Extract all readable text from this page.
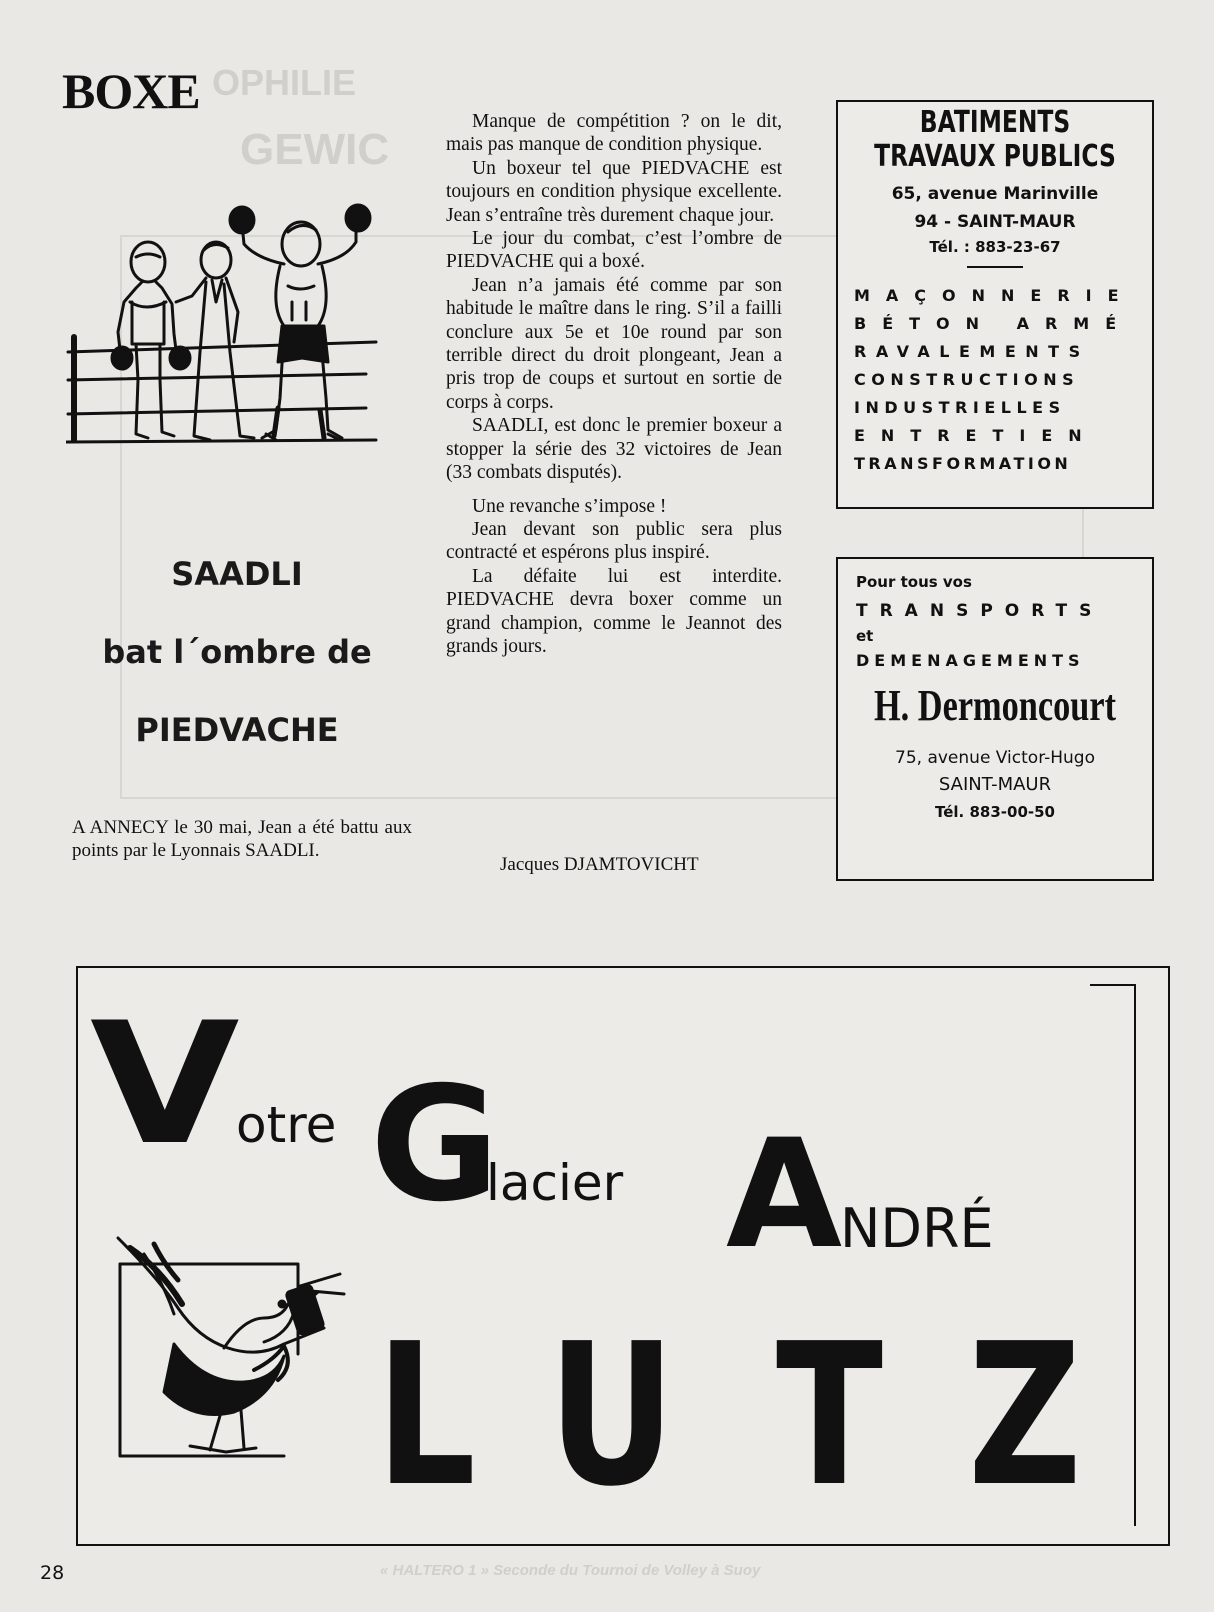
OPHILIE
GEWIC
« HALTERO 1 » Seconde du Tournoi de Volley à Suoy
BOXE
SAADLI
bat l´ombre de
PIEDVACHE
A ANNECY le 30 mai, Jean a été battu aux points par le Lyonnais SAADLI.

Manque de compétition ? on le dit, mais pas manque de condition physique.

Un boxeur tel que PIEDVACHE est toujours en condition physique excellente. Jean s’entraîne très durement chaque jour.

Le jour du combat, c’est l’ombre de PIEDVACHE qui a boxé.

Jean n’a jamais été comme par son habitude le maître dans le ring. S’il a failli conclure aux 5e et 10e round par son terrible direct du droit plongeant, Jean a pris trop de coups et surtout en sortie de corps à corps.

SAADLI, est donc le premier boxeur a stopper la série des 32 victoires de Jean (33 combats disputés).

Une revanche s’impose !

Jean devant son public sera plus contracté et espérons plus inspiré.

La défaite lui est interdite. PIEDVACHE devra boxer comme un grand champion, comme le Jeannot des grands jours.

Jacques DJAMTOVICHT
BATIMENTS
TRAVAUX PUBLICS
65, avenue Marinville
94 - SAINT-MAUR
Tél. : 883-23-67
MAÇONNERIE
BÉTON ARMÉ
RAVALEMENTS
CONSTRUCTIONS
INDUSTRIELLES
ENTRETIEN
TRANSFORMATION
Pour tous vos
TRANSPORTS
et
DEMENAGEMENTS
H. Dermoncourt
75, avenue Victor-Hugo
SAINT-MAUR
Tél. 883-00-50
V
otre G
lacier A
NDRÉ
L U T Z
28
